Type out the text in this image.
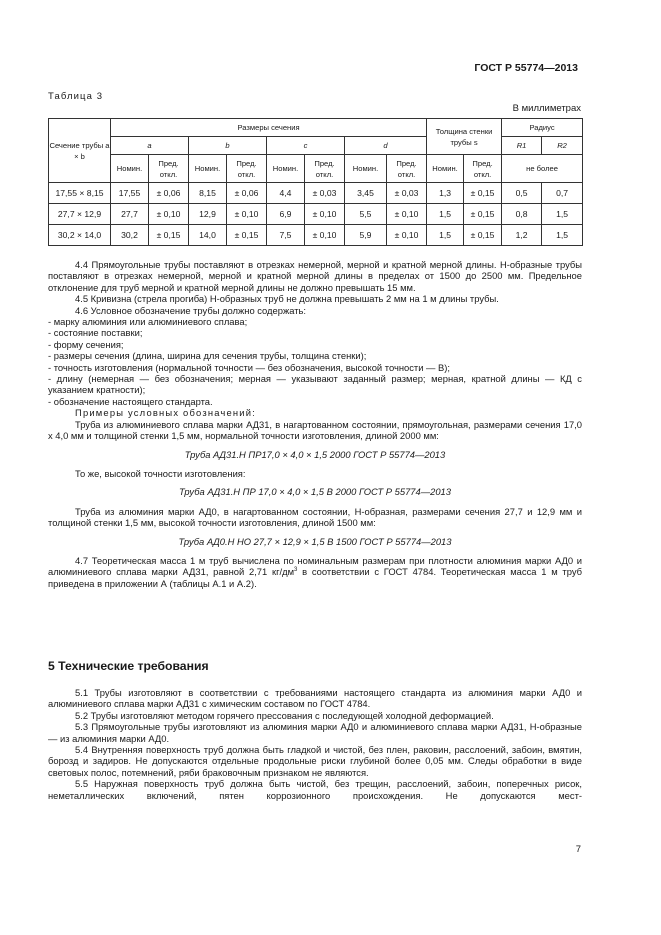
ГОСТ Р 55774—2013
Таблица 3
В миллиметрах
Сечение трубы a × b	Размеры сечения								Толщина стенки трубы s		Радиус	
	a		b		c		d				R1	R2
	Номин.	Пред. откл.	Номин.	Пред. откл.	Номин.	Пред. откл.	Номин.	Пред. откл.	Номин.	Пред. откл.	не более	
17,55 × 8,15	17,55	± 0,06	8,15	± 0,06	4,4	± 0,03	3,45	± 0,03	1,3	± 0,15	0,5	0,7
27,7 × 12,9	27,7	± 0,10	12,9	± 0,10	6,9	± 0,10	5,5	± 0,10	1,5	± 0,15	0,8	1,5
30,2 × 14,0	30,2	± 0,15	14,0	± 0,15	7,5	± 0,10	5,9	± 0,10	1,5	± 0,15	1,2	1,5

4.4 Прямоугольные трубы поставляют в отрезках немерной, мерной и кратной мерной длины. Н-образные трубы поставляют в отрезках немерной, мерной и кратной мерной длины в пределах от 1500 до 2500 мм. Предельное отклонение для труб мерной и кратной мерной длины не должно превышать 15 мм.

4.5 Кривизна (стрела прогиба) Н-образных труб не должна превышать 2 мм на 1 м длины трубы.

4.6 Условное обозначение трубы должно содержать:

- марку алюминия или алюминиевого сплава;

- состояние поставки;

- форму сечения;

- размеры сечения (длина, ширина для сечения трубы, толщина стенки);

- точность изготовления (нормальной точности — без обозначения, высокой точности — В);

- длину (немерная — без обозначения; мерная — указывают заданный размер; мерная, кратной длины — КД с указанием кратности);

- обозначение настоящего стандарта.

Примеры условных обозначений:

Труба из алюминиевого сплава марки АД31, в нагартованном состоянии, прямоугольная, размерами сечения 17,0 x 4,0 мм и толщиной стенки 1,5 мм, нормальной точности изготовления, длиной 2000 мм:

Труба АД31.Н ПР17,0 × 4,0 × 1,5 2000 ГОСТ Р 55774—2013

То же, высокой точности изготовления:

Труба АД31.Н ПР 17,0 × 4,0 × 1,5 В 2000 ГОСТ Р 55774—2013

Труба из алюминия марки АД0, в нагартованном состоянии, Н-образная, размерами сечения 27,7 и 12,9 мм и толщиной стенки 1,5 мм, высокой точности изготовления, длиной 1500 мм:

Труба АД0.Н НО 27,7 × 12,9 × 1,5 В 1500 ГОСТ Р 55774—2013

4.7 Теоретическая масса 1 м труб вычислена по номинальным размерам при плотности алюминия марки АД0 и алюминиевого сплава марки АД31, равной 2,71 $кг/дм^3$ в соответствии с ГОСТ 4784. Теоретическая масса 1 м труб приведена в приложении А (таблицы А.1 и А.2).

5 Технические требования

5.1 Трубы изготовляют в соответствии с требованиями настоящего стандарта из алюминия марки АД0 и алюминиевого сплава марки АД31 с химическим составом по ГОСТ 4784.

5.2 Трубы изготовляют методом горячего прессования с последующей холодной деформацией.

5.3 Прямоугольные трубы изготовляют из алюминия марки АД0 и алюминиевого сплава марки АД31, Н-образные — из алюминия марки АД0.

5.4 Внутренняя поверхность труб должна быть гладкой и чистой, без плен, раковин, расслоений, забоин, вмятин, борозд и задиров. Не допускаются отдельные продольные риски глубиной более 0,05 мм. Следы обработки в виде световых полос, потемнений, ряби браковочным признаком не являются.

5.5 Наружная поверхность труб должна быть чистой, без трещин, расслоений, забоин, поперечных рисок, неметаллических включений, пятен коррозионного происхождения. Не допускаются мест-

7
